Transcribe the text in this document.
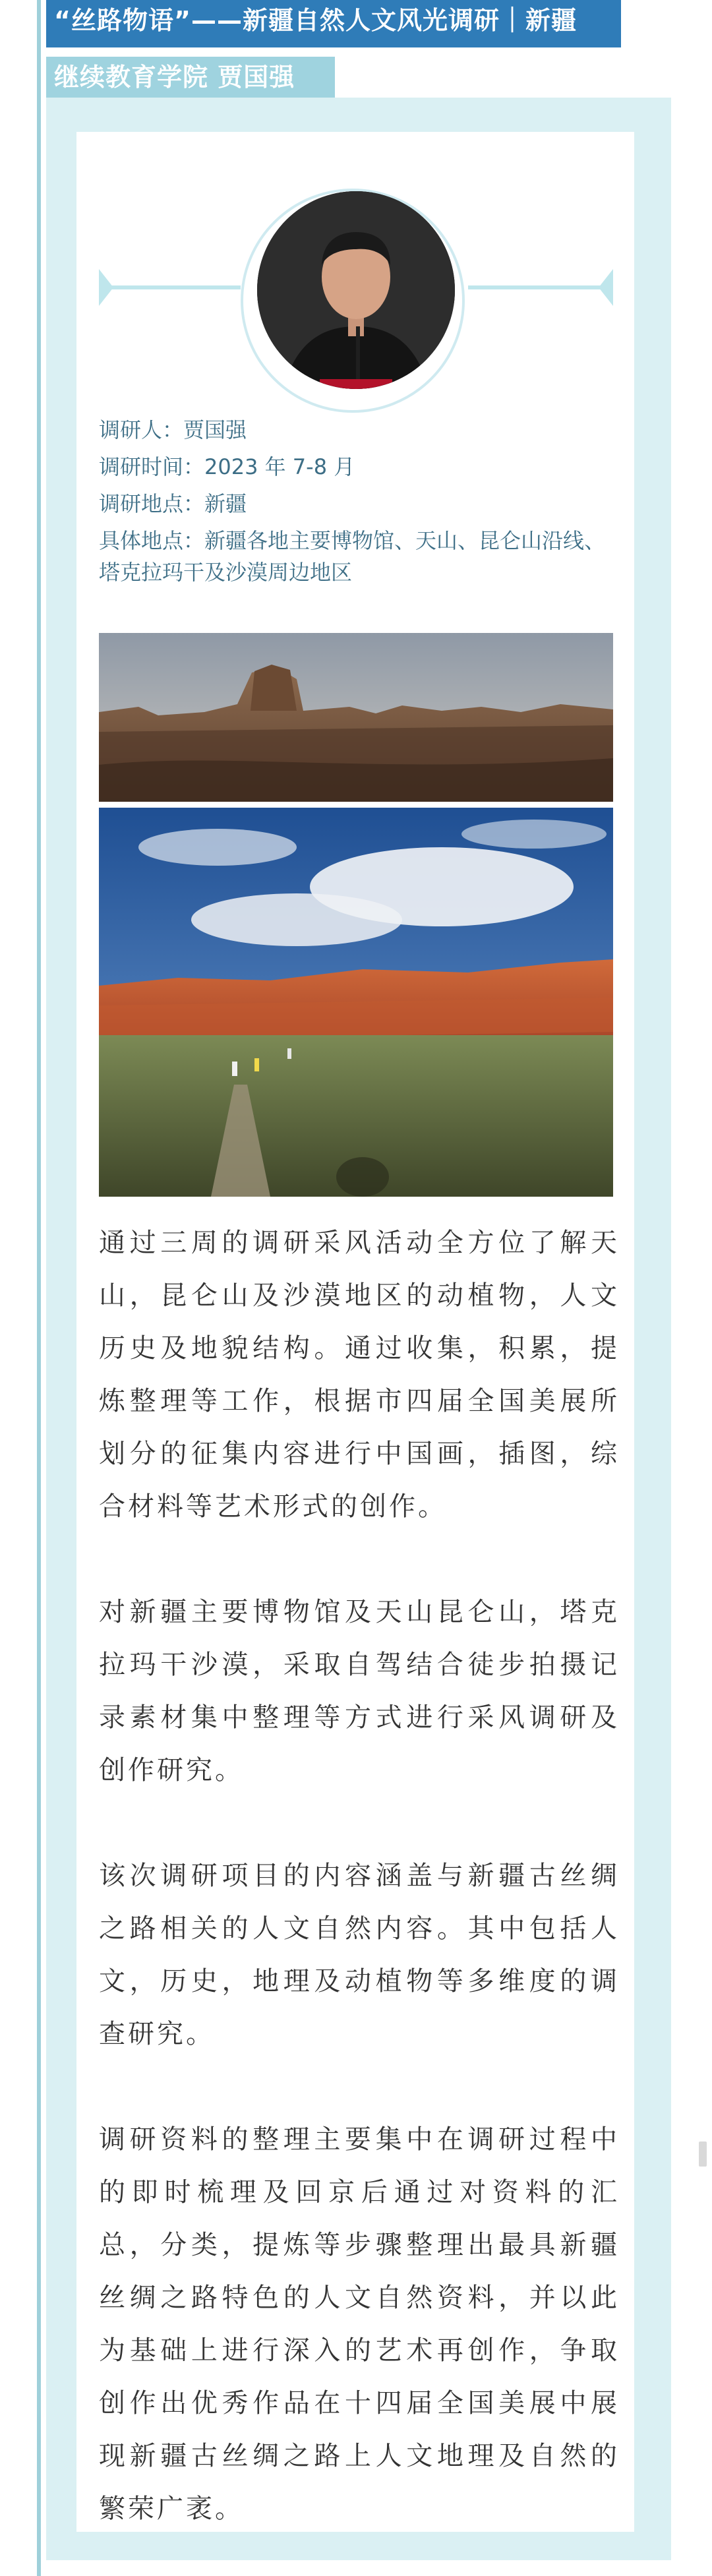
“丝路物语”——新疆自然人文风光调研｜新疆
继续教育学院 贾国强
调研人：贾国强
调研时间：2023 年 7-8 月
调研地点：新疆
具体地点：新疆各地主要博物馆、天山、昆仑山沿线、塔克拉玛干及沙漠周边地区

通过三周的调研采风活动全方位了解天山，昆仑山及沙漠地区的动植物，人文历史及地貌结构。通过收集，积累，提炼整理等工作，根据市四届全国美展所划分的征集内容进行中国画，插图，综合材料等艺术形式的创作。

对新疆主要博物馆及天山昆仑山，塔克拉玛干沙漠，采取自驾结合徒步拍摄记录素材集中整理等方式进行采风调研及创作研究。

该次调研项目的内容涵盖与新疆古丝绸之路相关的人文自然内容。其中包括人文，历史，地理及动植物等多维度的调查研究。

调研资料的整理主要集中在调研过程中的即时梳理及回京后通过对资料的汇总，分类，提炼等步骤整理出最具新疆丝绸之路特色的人文自然资料，并以此为基础上进行深入的艺术再创作，争取创作出优秀作品在十四届全国美展中展现新疆古丝绸之路上人文地理及自然的繁荣广袤。
